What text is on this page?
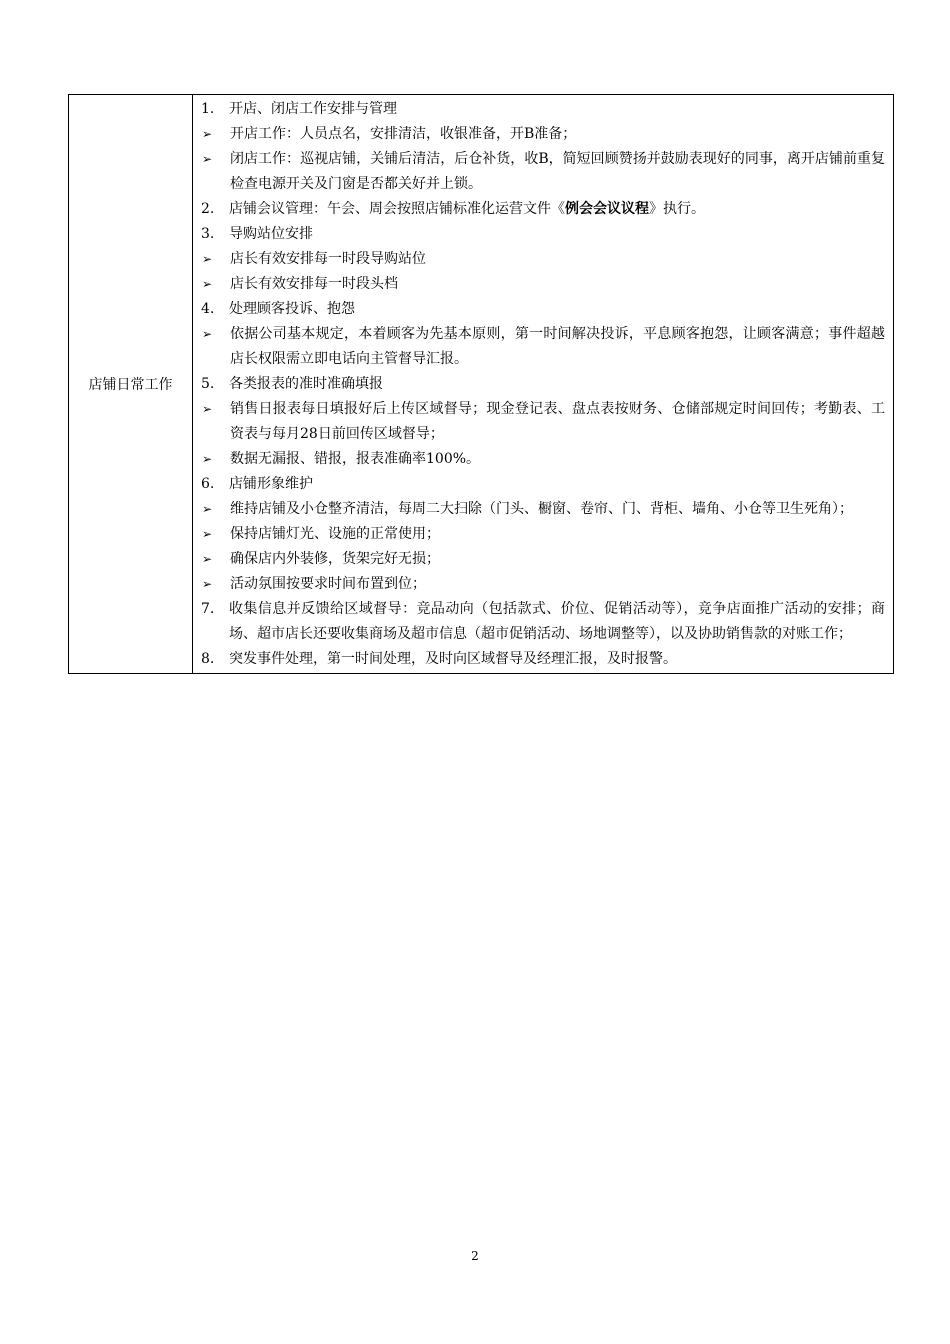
店铺日常工作	
1.	开店、闭店工作安排与管理
➢	开店工作：人员点名，安排清洁，收银准备，开B准备；
➢	闭店工作：巡视店铺，关铺后清洁，后仓补货，收B，简短回顾赞扬并鼓励表现好的同事，离开店铺前重复检查电源开关及门窗是否都关好并上锁。
2.	店铺会议管理：午会、周会按照店铺标准化运营文件《例会会议议程》执行。
3.	导购站位安排
➢	店长有效安排每一时段导购站位
➢	店长有效安排每一时段头档
4.	处理顾客投诉、抱怨
➢	依据公司基本规定，本着顾客为先基本原则，第一时间解决投诉，平息顾客抱怨，让顾客满意；事件超越店长权限需立即电话向主管督导汇报。
5.	各类报表的准时准确填报
➢	销售日报表每日填报好后上传区域督导；现金登记表、盘点表按财务、仓储部规定时间回传；考勤表、工资表与每月28日前回传区域督导；
➢	数据无漏报、错报，报表准确率100%。
6.	店铺形象维护
➢	维持店铺及小仓整齐清洁，每周二大扫除（门头、橱窗、卷帘、门、背柜、墙角、小仓等卫生死角）；
➢	保持店铺灯光、设施的正常使用；
➢	确保店内外装修，货架完好无损；
➢	活动氛围按要求时间布置到位；
7.	收集信息并反馈给区域督导：竞品动向（包括款式、价位、促销活动等），竞争店面推广活动的安排；商场、超市店长还要收集商场及超市信息（超市促销活动、场地调整等），以及协助销售款的对账工作；
8.	突发事件处理，第一时间处理，及时向区域督导及经理汇报，及时报警。
2
